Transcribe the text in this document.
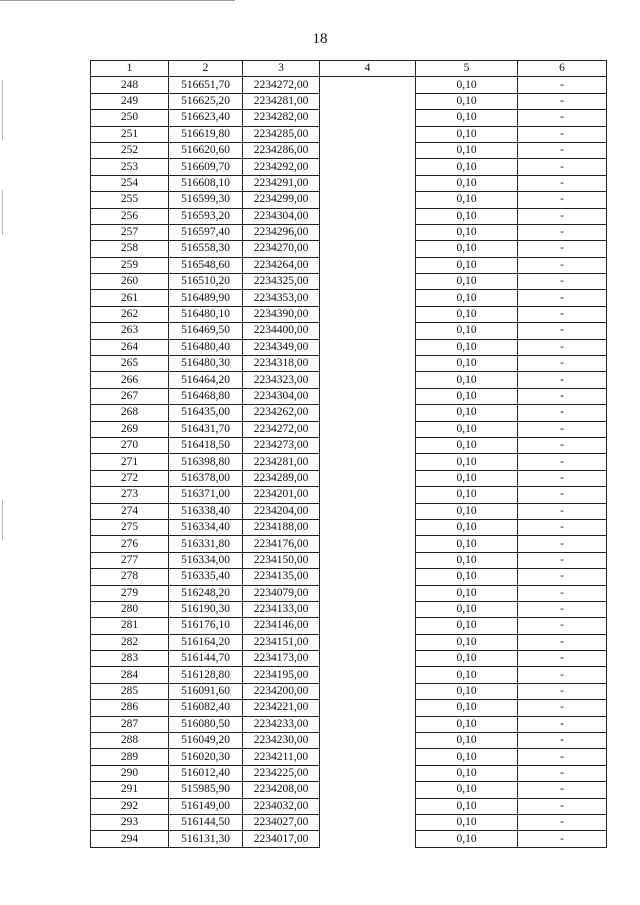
18
1	2	3	4	5	6
248	516651,70	2234272,00		0,10	-
249	516625,20	2234281,00		0,10	-
250	516623,40	2234282,00		0,10	-
251	516619,80	2234285,00		0,10	-
252	516620,60	2234286,00		0,10	-
253	516609,70	2234292,00		0,10	-
254	516608,10	2234291,00		0,10	-
255	516599,30	2234299,00		0,10	-
256	516593,20	2234304,00		0,10	-
257	516597,40	2234296,00		0,10	-
258	516558,30	2234270,00		0,10	-
259	516548,60	2234264,00		0,10	-
260	516510,20	2234325,00		0,10	-
261	516489,90	2234353,00		0,10	-
262	516480,10	2234390,00		0,10	-
263	516469,50	2234400,00		0,10	-
264	516480,40	2234349,00		0,10	-
265	516480,30	2234318,00		0,10	-
266	516464,20	2234323,00		0,10	-
267	516468,80	2234304,00		0,10	-
268	516435,00	2234262,00		0,10	-
269	516431,70	2234272,00		0,10	-
270	516418,50	2234273,00		0,10	-
271	516398,80	2234281,00		0,10	-
272	516378,00	2234289,00		0,10	-
273	516371,00	2234201,00		0,10	-
274	516338,40	2234204,00		0,10	-
275	516334,40	2234188,00		0,10	-
276	516331,80	2234176,00		0,10	-
277	516334,00	2234150,00		0,10	-
278	516335,40	2234135,00		0,10	-
279	516248,20	2234079,00		0,10	-
280	516190,30	2234133,00		0,10	-
281	516176,10	2234146,00		0,10	-
282	516164,20	2234151,00		0,10	-
283	516144,70	2234173,00		0,10	-
284	516128,80	2234195,00		0,10	-
285	516091,60	2234200,00		0,10	-
286	516082,40	2234221,00		0,10	-
287	516080,50	2234233,00		0,10	-
288	516049,20	2234230,00		0,10	-
289	516020,30	2234211,00		0,10	-
290	516012,40	2234225,00		0,10	-
291	515985,90	2234208,00		0,10	-
292	516149,00	2234032,00		0,10	-
293	516144,50	2234027,00		0,10	-
294	516131,30	2234017,00		0,10	-
